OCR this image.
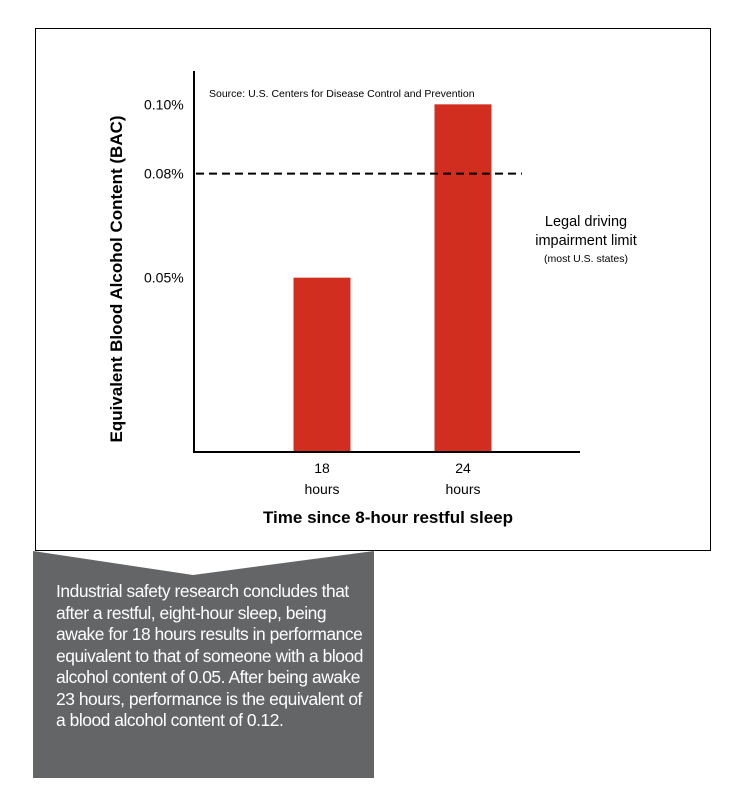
Equivalent Blood Alcohol Content (BAC)
Source: U.S. Centers for Disease Control and Prevention
0.10%
0.08%
0.05%
18
hours
24
hours
Legal driving
impairment limit
(most U.S. states)
Time since 8-hour restful sleep
Industrial safety research concludes that after a restful, eight-hour sleep, being awake for 18 hours results in performance equivalent to that of someone with a blood alcohol content of 0.05. After being awake 23 hours, performance is the equivalent of a blood alcohol content of 0.12.
